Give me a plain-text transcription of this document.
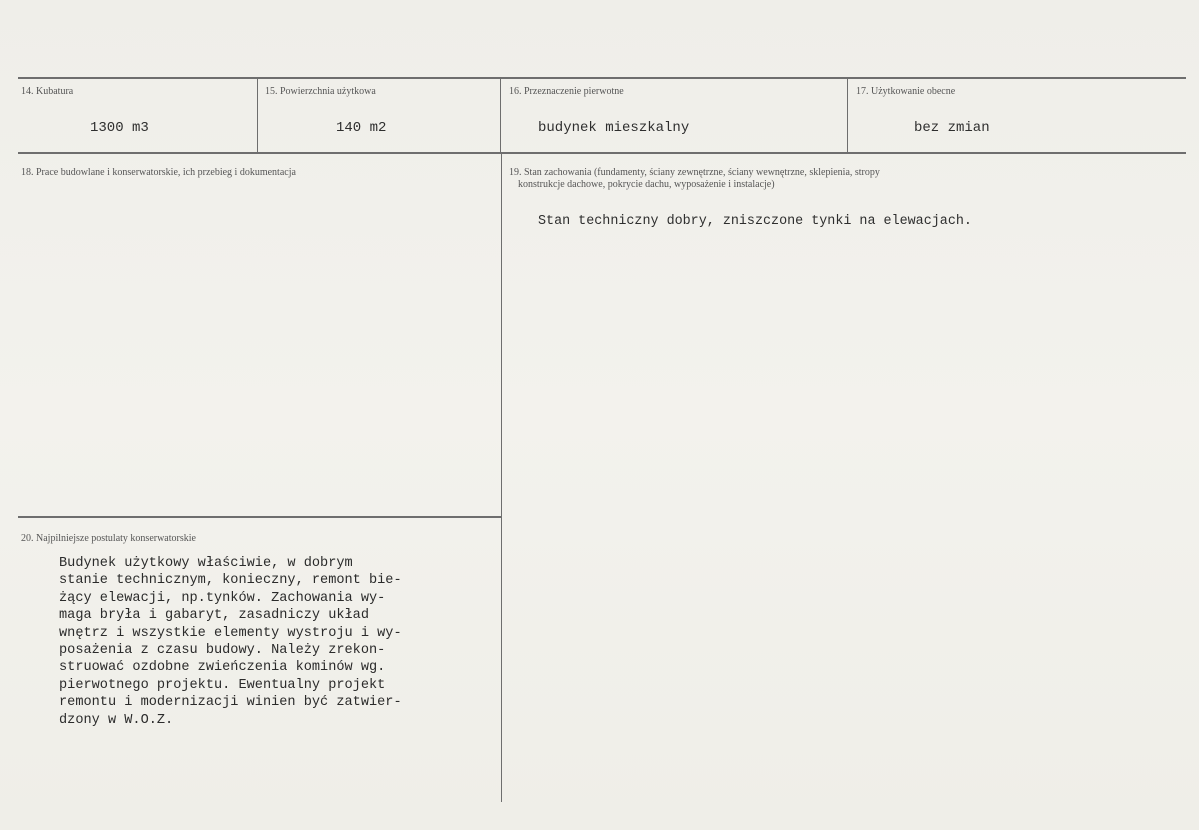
14. Kubatura
1300 m3
15. Powierzchnia użytkowa
140 m2
16. Przeznaczenie pierwotne
budynek mieszkalny
17. Użytkowanie obecne
bez zmian
18. Prace budowlane i konserwatorskie, ich przebieg i dokumentacja	19. Stan zachowania (fundamenty, ściany zewnętrzne, ściany wewnętrzne, sklepienia, stropy
konstrukcje dachowe, pokrycie dachu, wyposażenie i instalacje)
Stan techniczny dobry, zniszczone tynki na elewacjach.
20. Najpilniejsze postulaty konserwatorskie
Budynek użytkowy właściwie, w dobrym
stanie technicznym, konieczny, remont bie-
żący elewacji, np.tynków. Zachowania wy-
maga bryła i gabaryt, zasadniczy układ
wnętrz i wszystkie elementy wystroju i wy-
posażenia z czasu budowy. Należy zrekon-
struować ozdobne zwieńczenia kominów wg.
pierwotnego projektu. Ewentualny projekt
remontu i modernizacji winien być zatwier-
dzony w W.O.Z.
